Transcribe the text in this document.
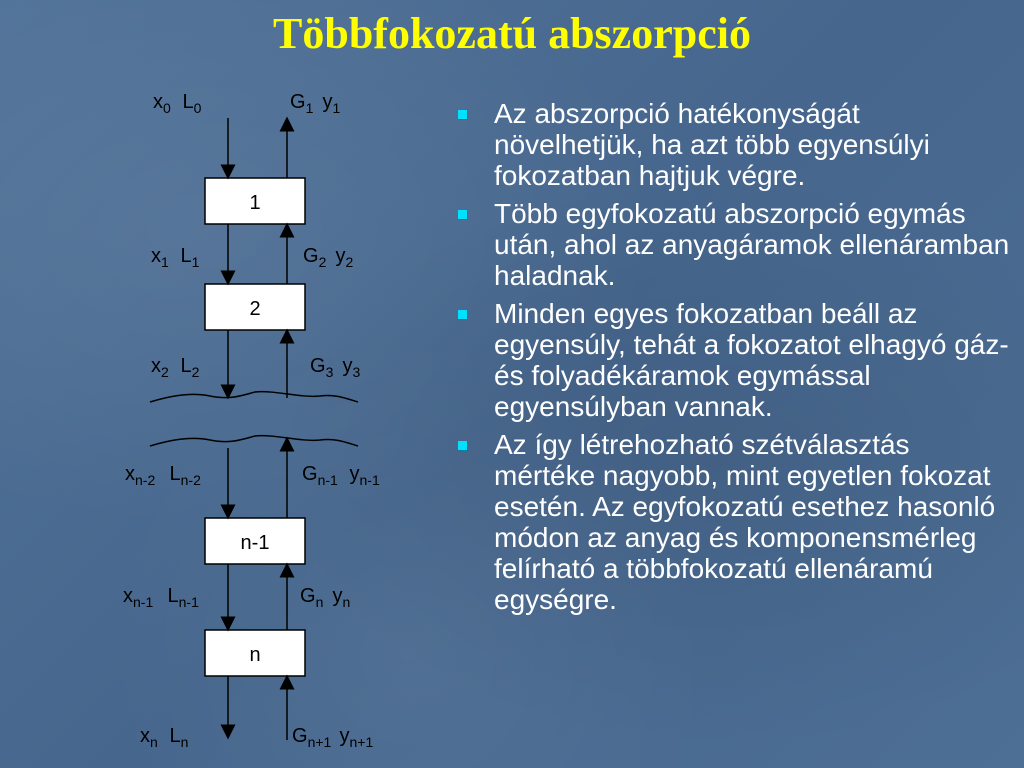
Többfokozatú abszorpció
1
2
n-1
n
$x_0$ $L_0$	$G_1$ $y_1$
$x_1$ $L_1$	$G_2$ $y_2$
$x_2$ $L_2$	$G_3$ $y_3$
$x_{n-2}$ $L_{n-2}$	$G_{n-1}$ $y_{n-1}$
$x_{n-1}$ $L_{n-1}$	$G_n$ $y_n$
$x_n$ $L_n$	$G_{n+1}$ $y_{n+1}$
Az abszorpció hatékonyságát növelhetjük, ha azt több egyensúlyi fokozatban hajtjuk végre.
Több egyfokozatú abszorpció egymás után, ahol az anyagáramok ellenáramban haladnak.
Minden egyes fokozatban beáll az egyensúly, tehát a fokozatot elhagyó gáz- és folyadékáramok egymással egyensúlyban vannak.
Az így létrehozható szétválasztás mértéke nagyobb, mint egyetlen fokozat esetén. Az egyfokozatú esethez hasonló módon az anyag és komponensmérleg felírható a többfokozatú ellenáramú egységre.
